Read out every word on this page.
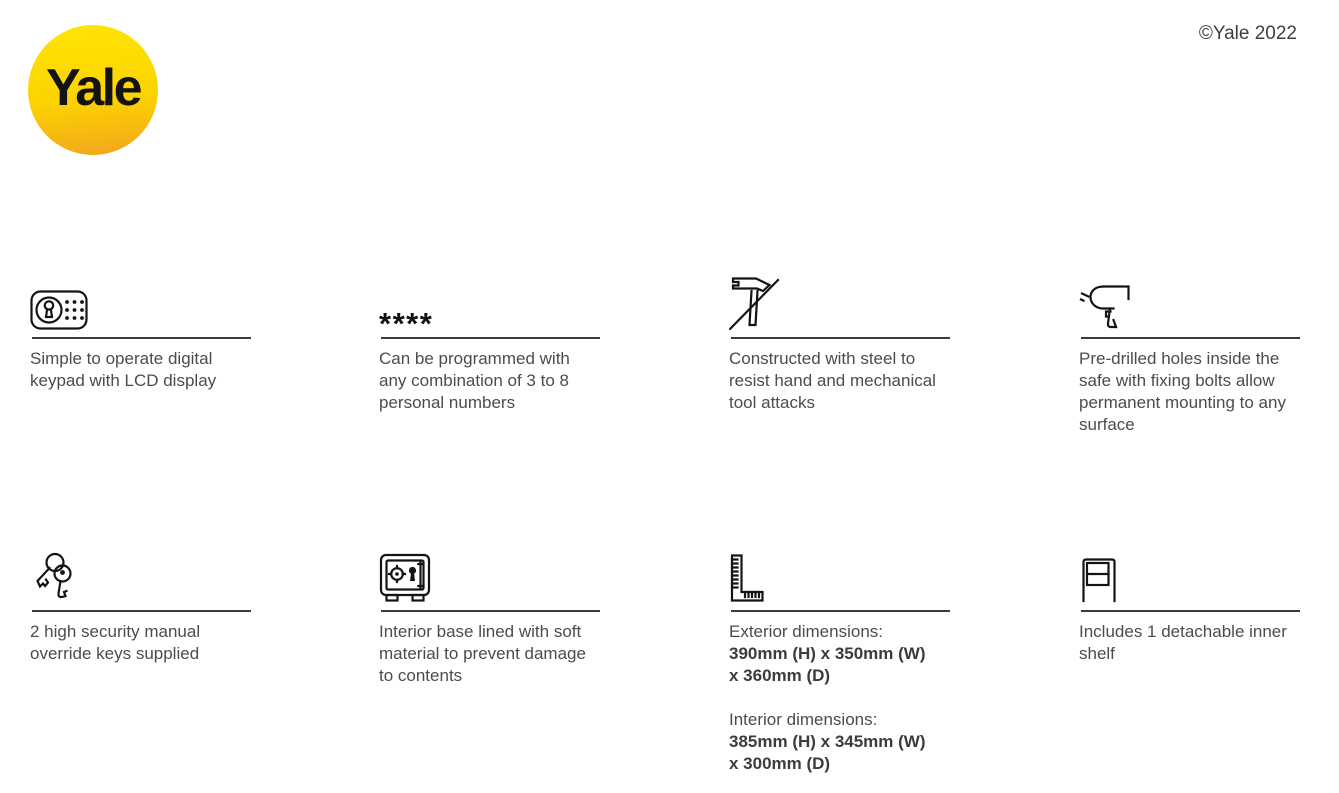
Yale
©Yale 2022
Simple to operate digital keypad with LCD display
****
Can be programmed with any combination of 3 to 8 personal numbers
Constructed with steel to resist hand and mechanical tool attacks
Pre-drilled holes inside the safe with fixing bolts allow permanent mounting to any surface
2 high security manual override keys supplied
Interior base lined with soft material to prevent damage to contents
Exterior dimensions:
390mm (H) x 350mm (W) x 360mm (D)
Interior dimensions:
385mm (H) x 345mm (W) x 300mm (D)
Includes 1 detachable inner shelf
